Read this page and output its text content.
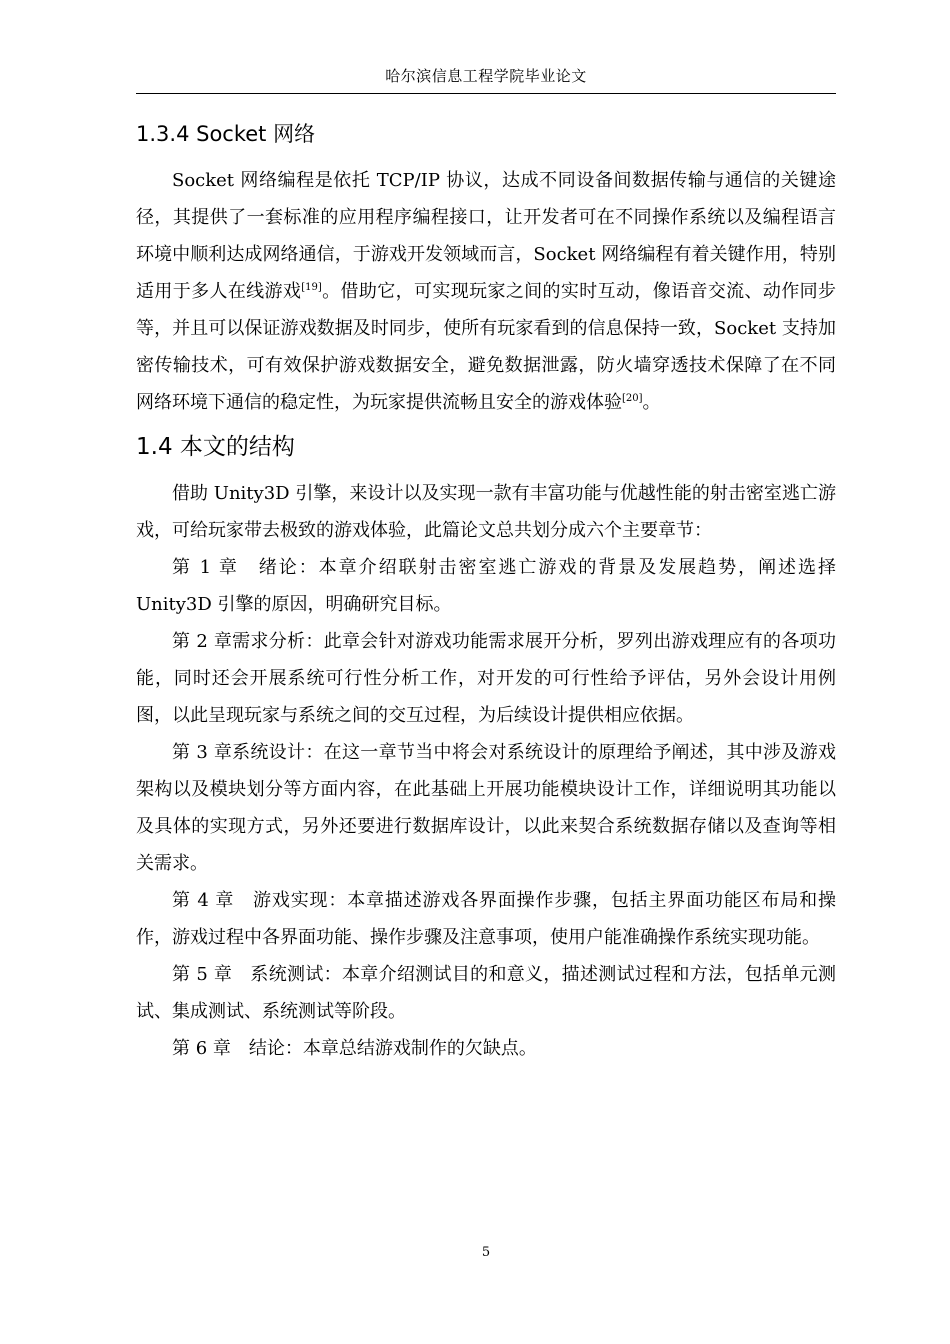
哈尔滨信息工程学院毕业论文
1.3.4 Socket 网络

Socket 网络编程是依托 TCP/IP 协议，达成不同设备间数据传输与通信的关键途径，其提供了一套标准的应用程序编程接口，让开发者可在不同操作系统以及编程语言环境中顺利达成网络通信，于游戏开发领域而言，Socket 网络编程有着关键作用，特别适用于多人在线游戏[19]。借助它，可实现玩家之间的实时互动，像语音交流、动作同步等，并且可以保证游戏数据及时同步，使所有玩家看到的信息保持一致，Socket 支持加密传输技术，可有效保护游戏数据安全，避免数据泄露，防火墙穿透技术保障了在不同网络环境下通信的稳定性，为玩家提供流畅且安全的游戏体验[20]。

1.4 本文的结构

借助 Unity3D 引擎，来设计以及实现一款有丰富功能与优越性能的射击密室逃亡游戏，可给玩家带去极致的游戏体验，此篇论文总共划分成六个主要章节：

第 1 章　绪论：本章介绍联射击密室逃亡游戏的背景及发展趋势，阐述选择 Unity3D 引擎的原因，明确研究目标。

第 2 章需求分析：此章会针对游戏功能需求展开分析，罗列出游戏理应有的各项功能，同时还会开展系统可行性分析工作，对开发的可行性给予评估，另外会设计用例图，以此呈现玩家与系统之间的交互过程，为后续设计提供相应依据。

第 3 章系统设计：在这一章节当中将会对系统设计的原理给予阐述，其中涉及游戏架构以及模块划分等方面内容，在此基础上开展功能模块设计工作，详细说明其功能以及具体的实现方式，另外还要进行数据库设计，以此来契合系统数据存储以及查询等相关需求。

第 4 章　游戏实现：本章描述游戏各界面操作步骤，包括主界面功能区布局和操作，游戏过程中各界面功能、操作步骤及注意事项，使用户能准确操作系统实现功能。

第 5 章　系统测试：本章介绍测试目的和意义，描述测试过程和方法，包括单元测试、集成测试、系统测试等阶段。

第 6 章　结论：本章总结游戏制作的欠缺点。

5
